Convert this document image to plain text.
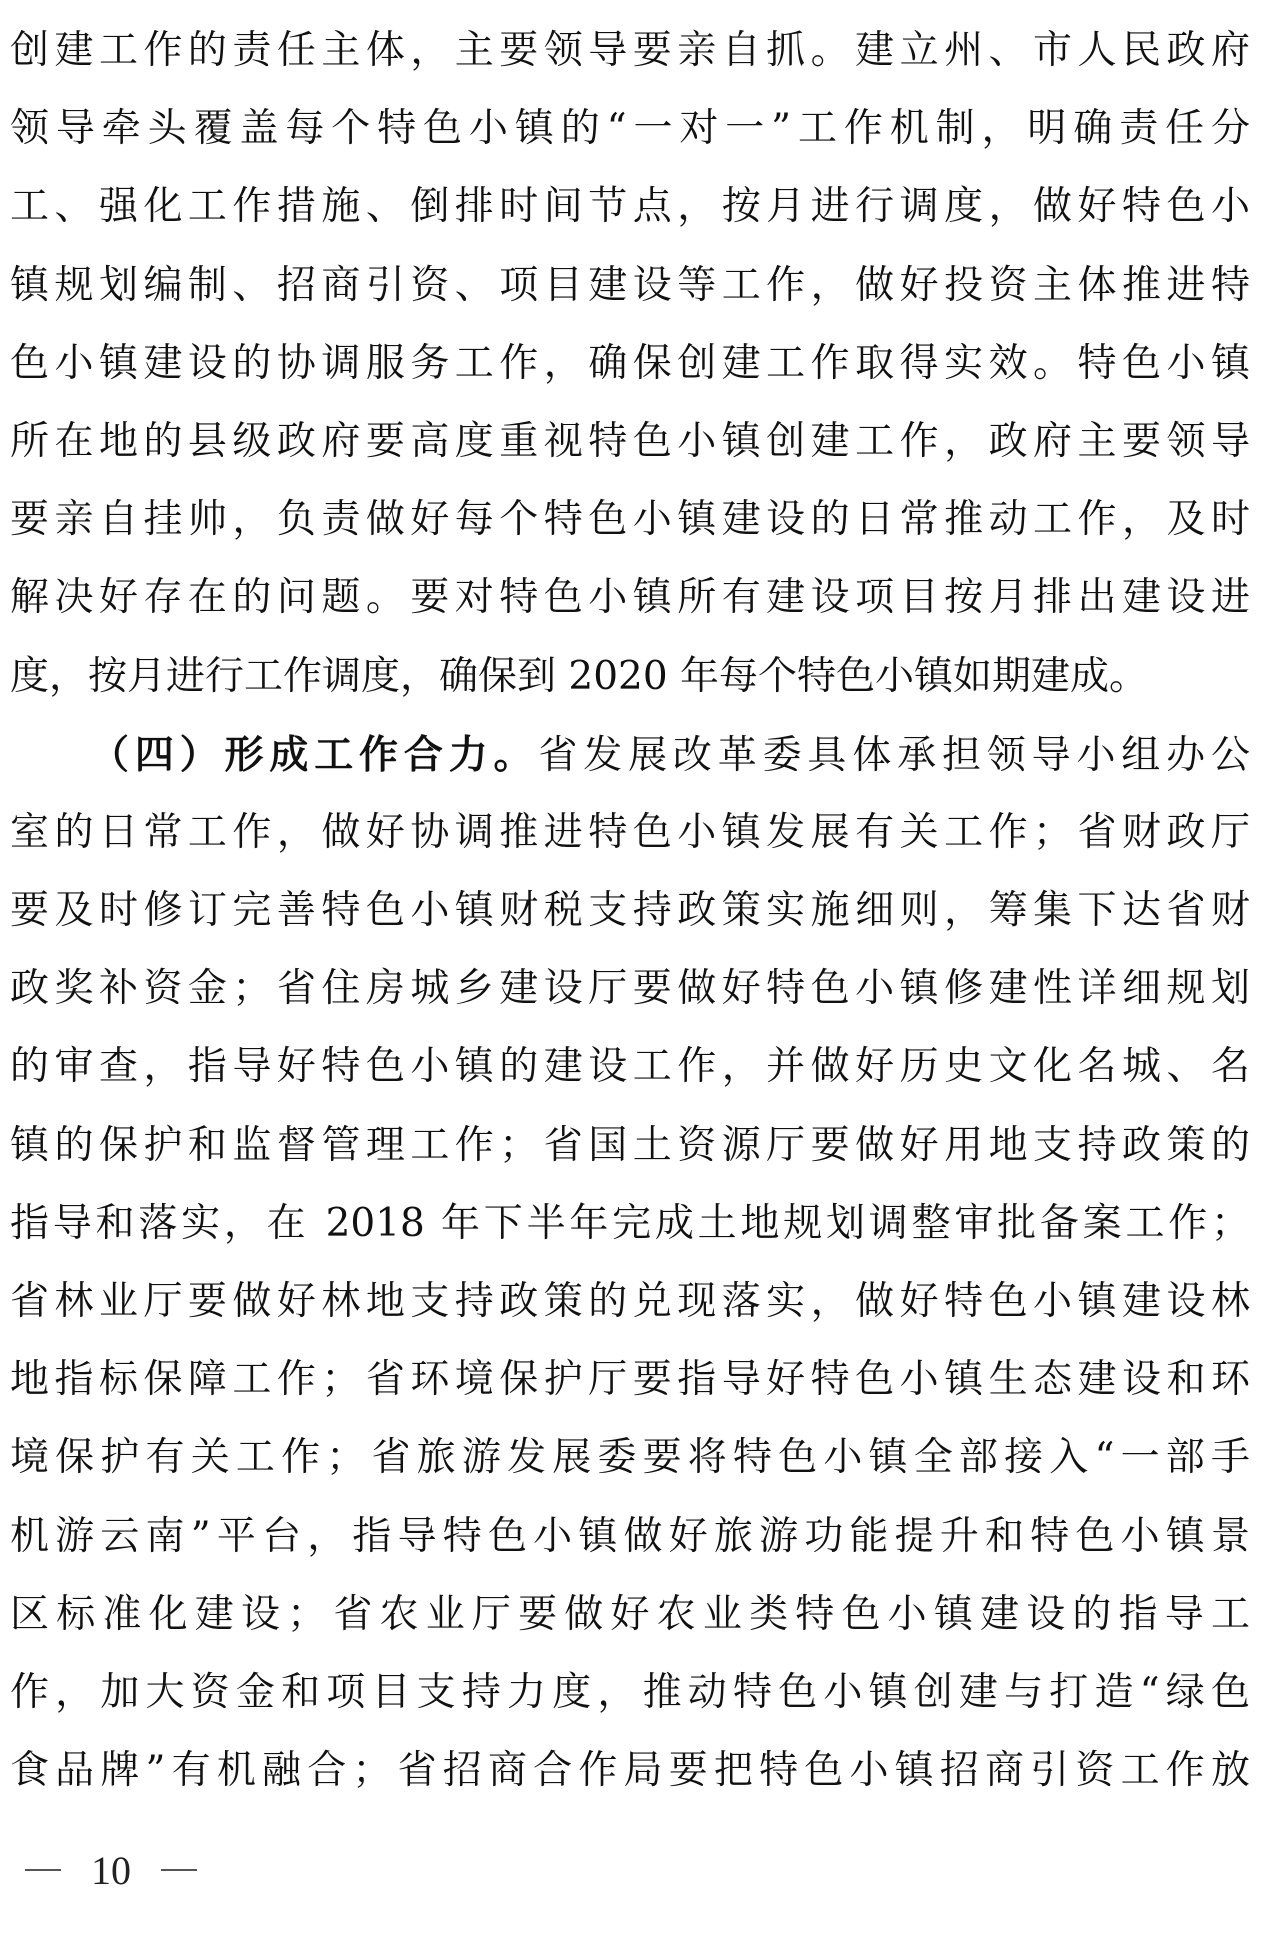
创建工作的责任主体，主要领导要亲自抓。建立州、市人民政府
领导牵头覆盖每个特色小镇的“一对一”工作机制，明确责任分
工、强化工作措施、倒排时间节点，按月进行调度，做好特色小
镇规划编制、招商引资、项目建设等工作，做好投资主体推进特
色小镇建设的协调服务工作，确保创建工作取得实效。特色小镇
所在地的县级政府要高度重视特色小镇创建工作，政府主要领导
要亲自挂帅，负责做好每个特色小镇建设的日常推动工作，及时
解决好存在的问题。要对特色小镇所有建设项目按月排出建设进
度，按月进行工作调度，确保到 2020 年每个特色小镇如期建成。
（四）形成工作合力。省发展改革委具体承担领导小组办公
室的日常工作，做好协调推进特色小镇发展有关工作；省财政厅
要及时修订完善特色小镇财税支持政策实施细则，筹集下达省财
政奖补资金；省住房城乡建设厅要做好特色小镇修建性详细规划
的审查，指导好特色小镇的建设工作，并做好历史文化名城、名
镇的保护和监督管理工作；省国土资源厅要做好用地支持政策的
指导和落实，在 2018 年下半年完成土地规划调整审批备案工作；
省林业厅要做好林地支持政策的兑现落实，做好特色小镇建设林
地指标保障工作；省环境保护厅要指导好特色小镇生态建设和环
境保护有关工作；省旅游发展委要将特色小镇全部接入“一部手
机游云南”平台，指导特色小镇做好旅游功能提升和特色小镇景
区标准化建设；省农业厅要做好农业类特色小镇建设的指导工
作，加大资金和项目支持力度，推动特色小镇创建与打造“绿色
食品牌”有机融合；省招商合作局要把特色小镇招商引资工作放
10
